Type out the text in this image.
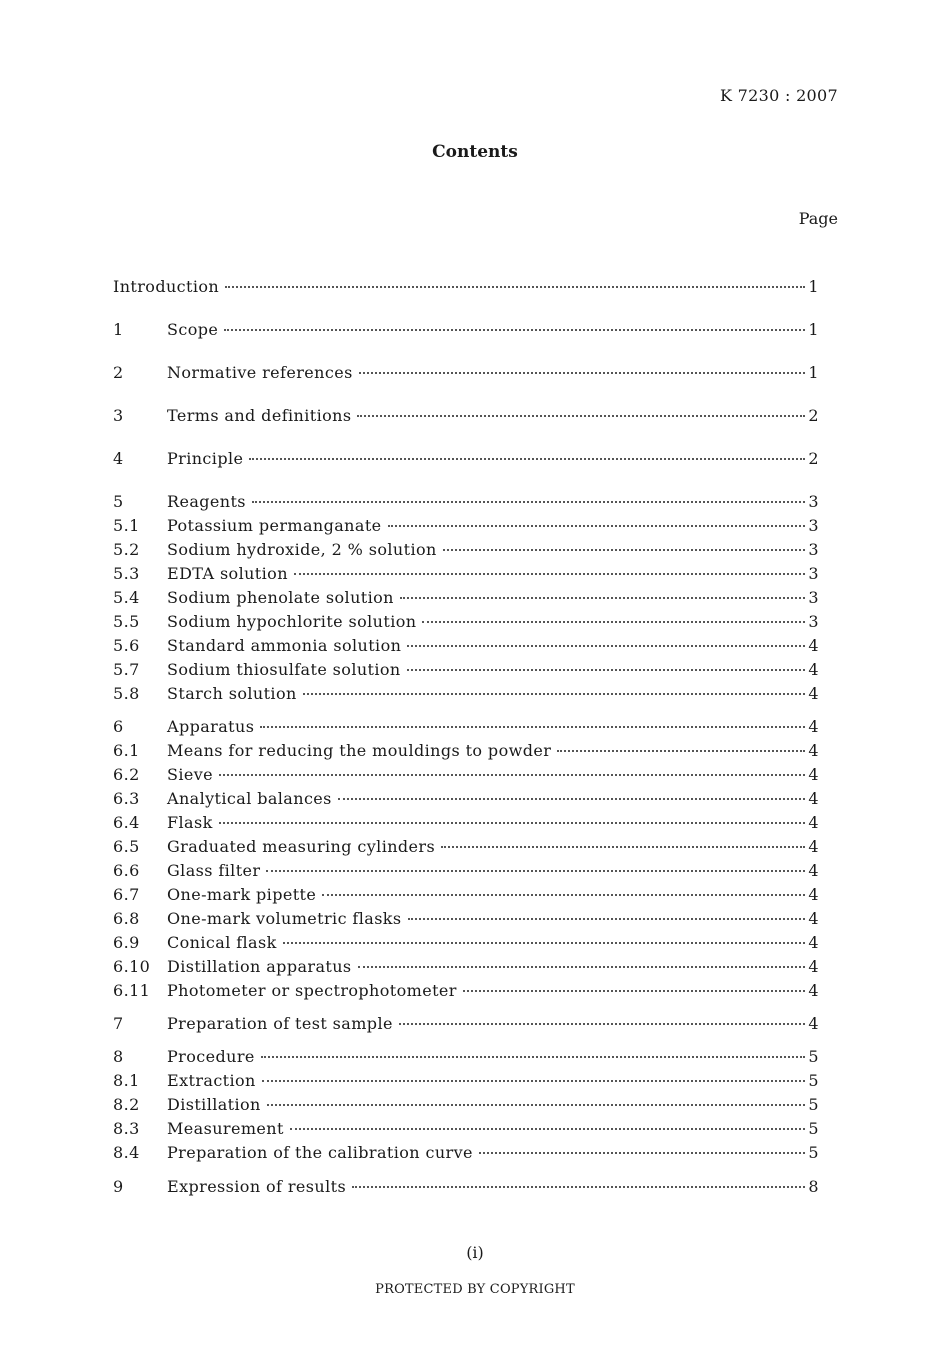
K 7230 : 2007
Contents
Page
Introduction	1
1	Scope	1
2	Normative references	1
3	Terms and definitions	2
4	Principle	2
5	Reagents	3
5.1	Potassium permanganate	3
5.2	Sodium hydroxide, 2 % solution	3
5.3	EDTA solution	3
5.4	Sodium phenolate solution	3
5.5	Sodium hypochlorite solution	3
5.6	Standard ammonia solution	4
5.7	Sodium thiosulfate solution	4
5.8	Starch solution	4
6	Apparatus	4
6.1	Means for reducing the mouldings to powder	4
6.2	Sieve	4
6.3	Analytical balances	4
6.4	Flask	4
6.5	Graduated measuring cylinders	4
6.6	Glass filter	4
6.7	One-mark pipette	4
6.8	One-mark volumetric flasks	4
6.9	Conical flask	4
6.10	Distillation apparatus	4
6.11	Photometer or spectrophotometer	4
7	Preparation of test sample	4
8	Procedure	5
8.1	Extraction	5
8.2	Distillation	5
8.3	Measurement	5
8.4	Preparation of the calibration curve	5
9	Expression of results	8
(i)
PROTECTED BY COPYRIGHT
